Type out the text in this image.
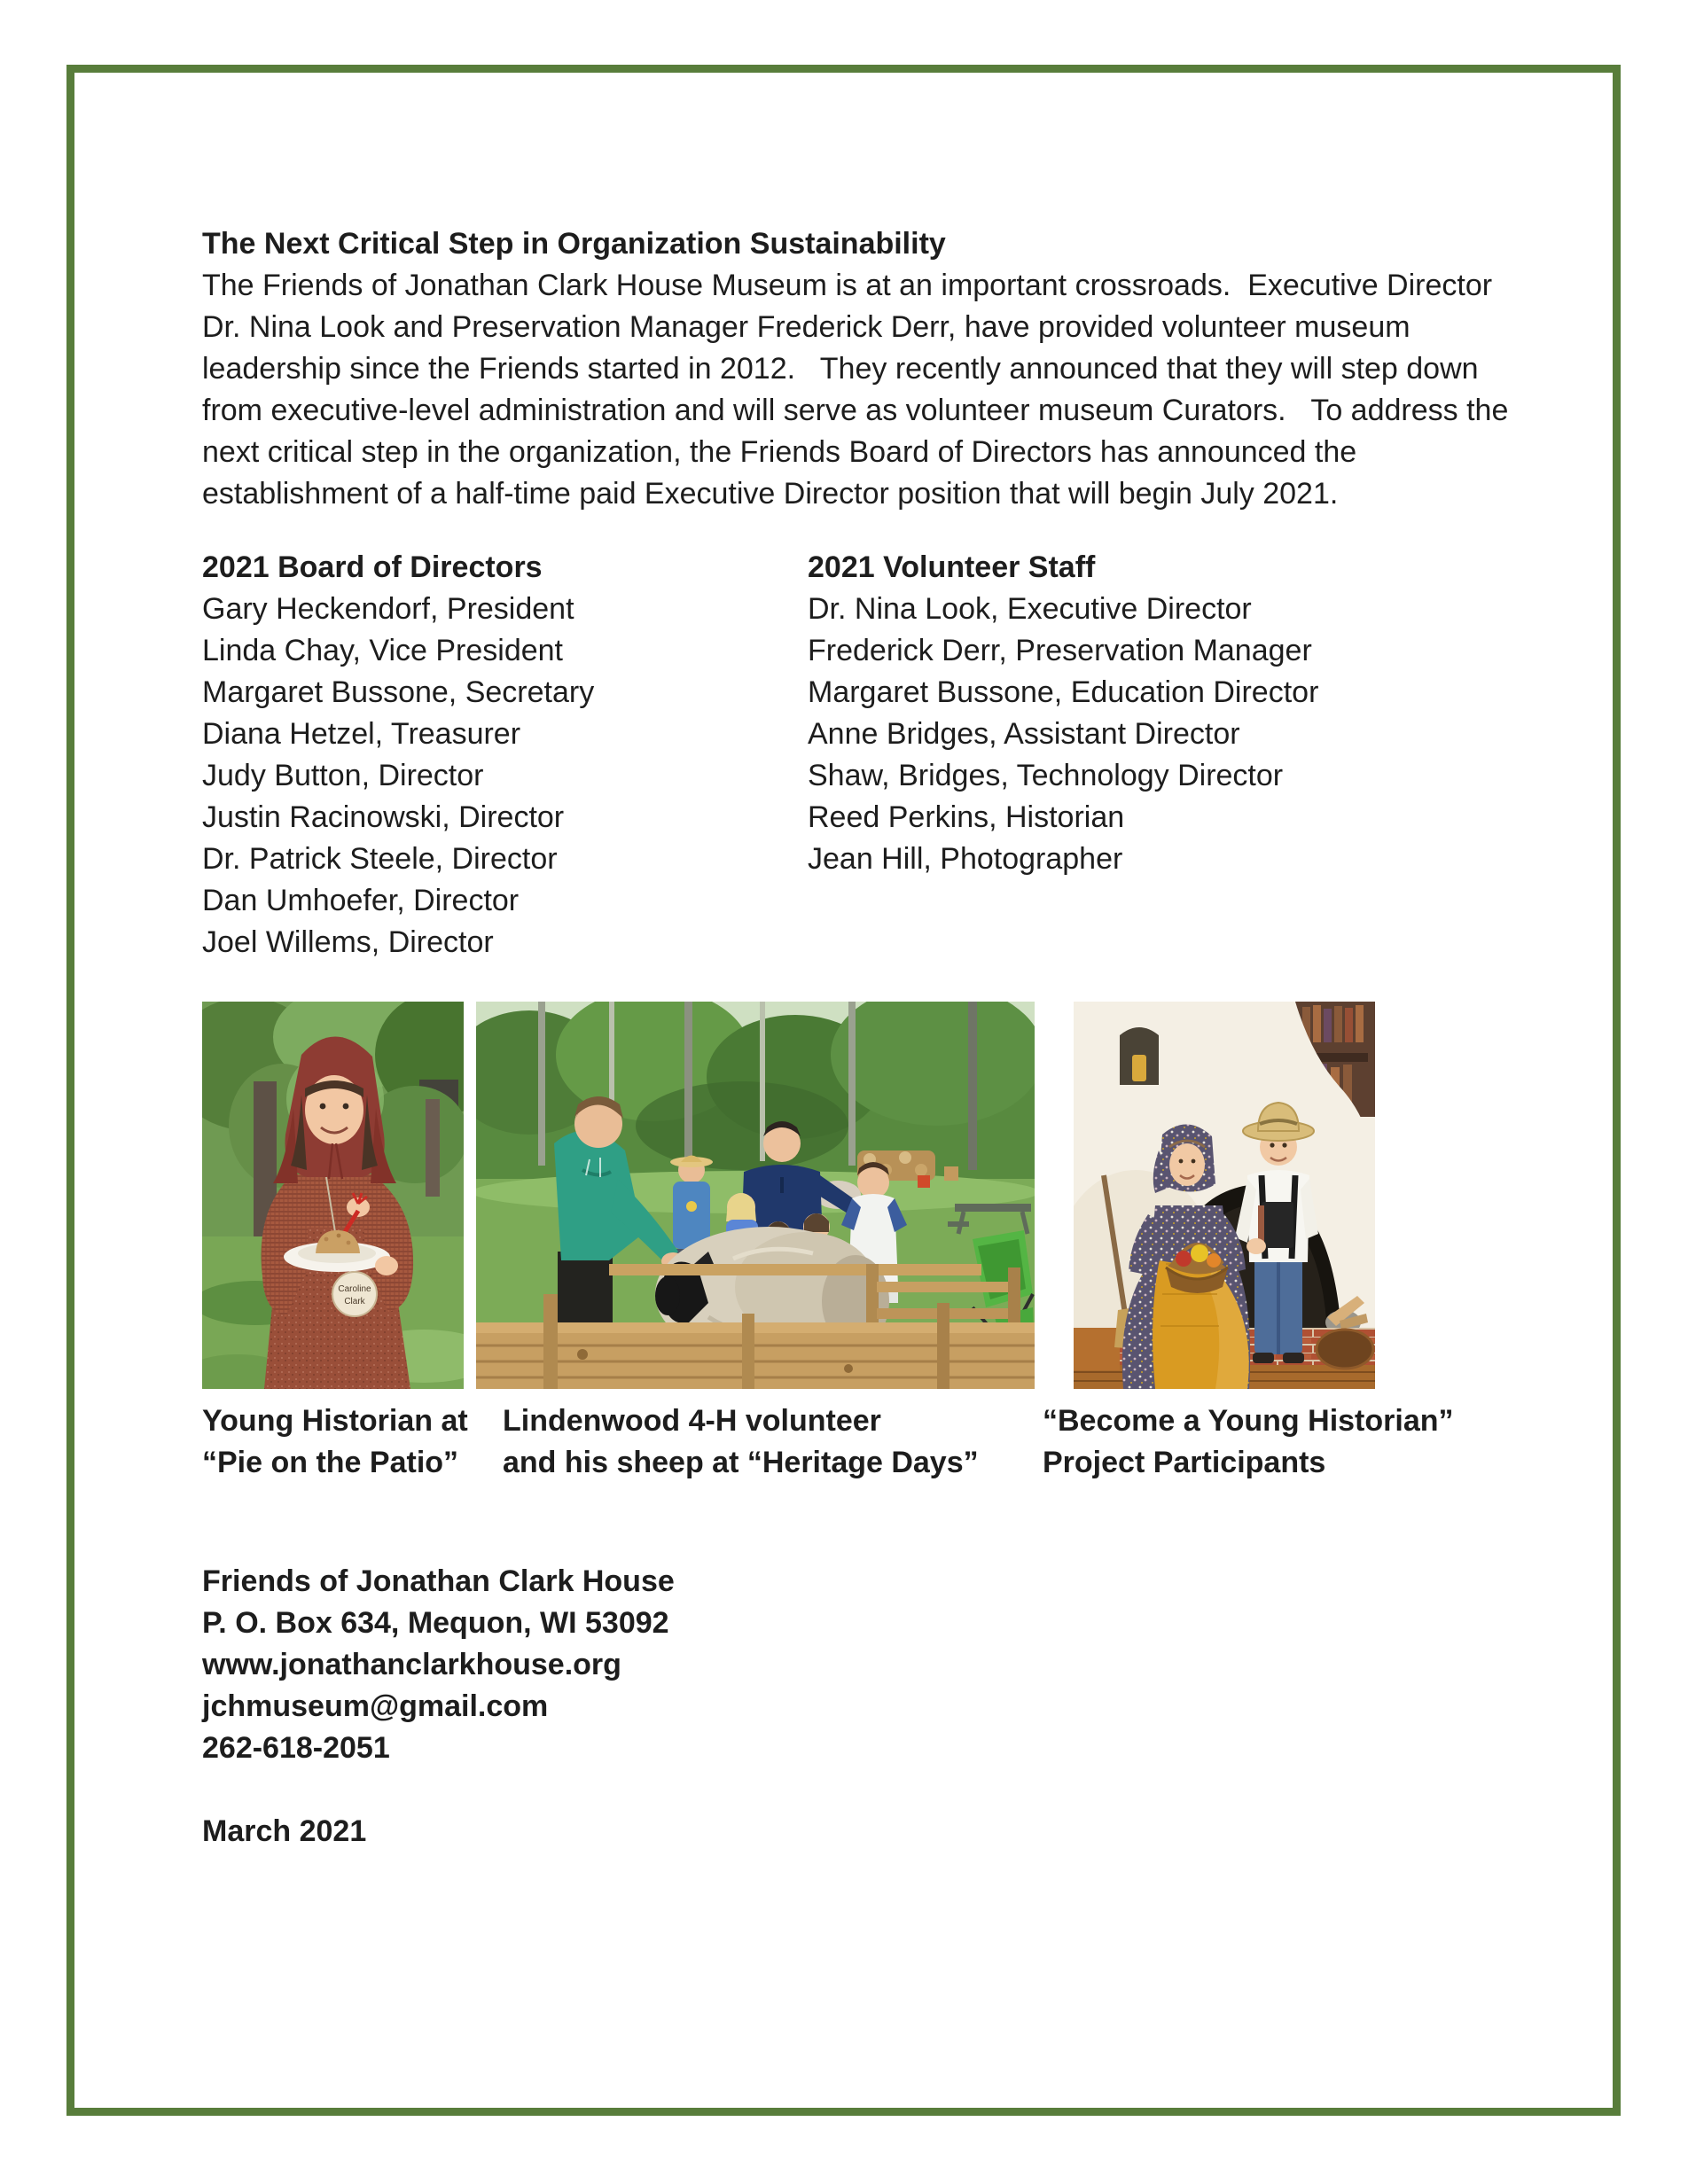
The Next Critical Step in Organization Sustainability

The Friends of Jonathan Clark House Museum is at an important crossroads.  Executive Director Dr. Nina Look and Preservation Manager Frederick Derr, have provided volunteer museum leadership since the Friends started in 2012.   They recently announced that they will step down from executive-level administration and will serve as volunteer museum Curators.   To address the next critical step in the organization, the Friends Board of Directors has announced the establishment of a half-time paid Executive Director position that will begin July 2021.

2021 Board of Directors
Gary Heckendorf, President
Linda Chay, Vice President
Margaret Bussone, Secretary
Diana Hetzel, Treasurer
Judy Button, Director
Justin Racinowski, Director
Dr. Patrick Steele, Director
Dan Umhoefer, Director
Joel Willems, Director
2021 Volunteer Staff
Dr. Nina Look, Executive Director
Frederick Derr, Preservation Manager
Margaret Bussone, Education Director
Anne Bridges, Assistant Director
Shaw, Bridges, Technology Director
Reed Perkins, Historian
Jean Hill, Photographer
Caroline
Clark
Young Historian at
“Pie on the Patio”
Lindenwood 4-H volunteer
and his sheep at “Heritage Days”
“Become a Young Historian”
Project Participants
Friends of Jonathan Clark House
P. O. Box 634, Mequon, WI 53092
www.jonathanclarkhouse.org
jchmuseum@gmail.com
262-618-2051
March 2021
